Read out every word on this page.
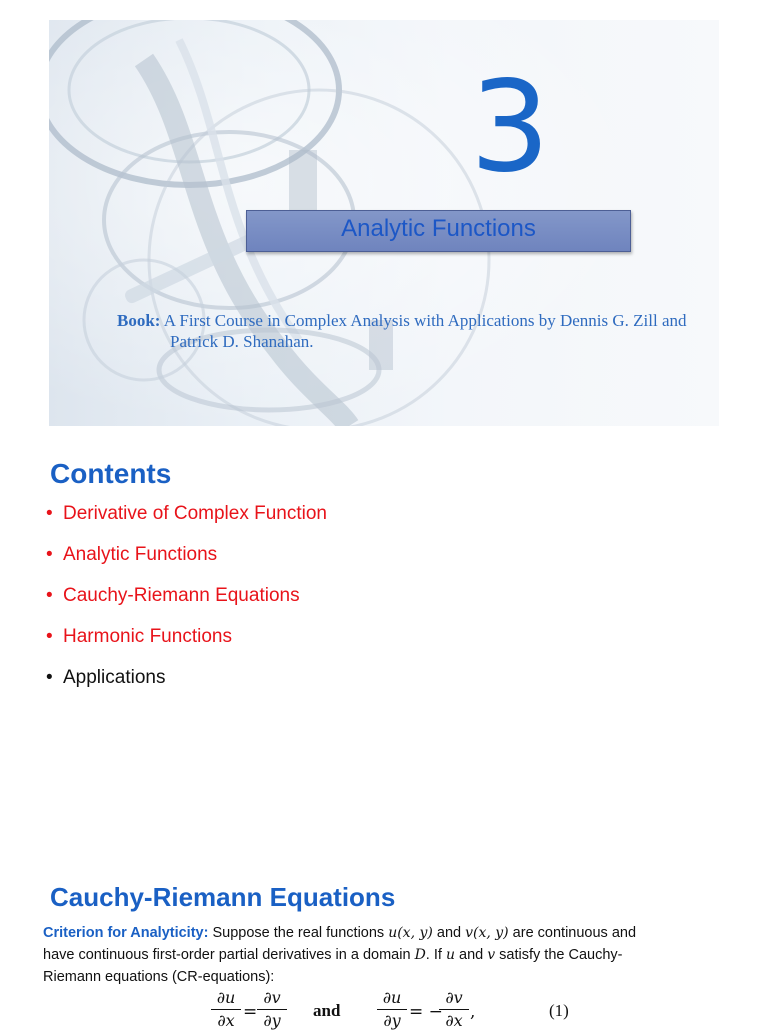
3
Analytic Functions
Book: A First Course in Complex Analysis with Applications by Dennis G. Zill and
Patrick D. Shanahan.
Contents
• Derivative of Complex Function
• Analytic Functions
• Cauchy-Riemann Equations
• Harmonic Functions
• Applications
Cauchy-Riemann Equations
Criterion for Analyticity: Suppose the real functions u(x, y) and v(x, y) are continuous and
have continuous first-order partial derivatives in a domain D. If u and v satisfy the Cauchy-
Riemann equations (CR-equations):
∂u
∂x =
∂v
∂y
and
∂u
∂y = −
∂v
∂x ,	(1)
